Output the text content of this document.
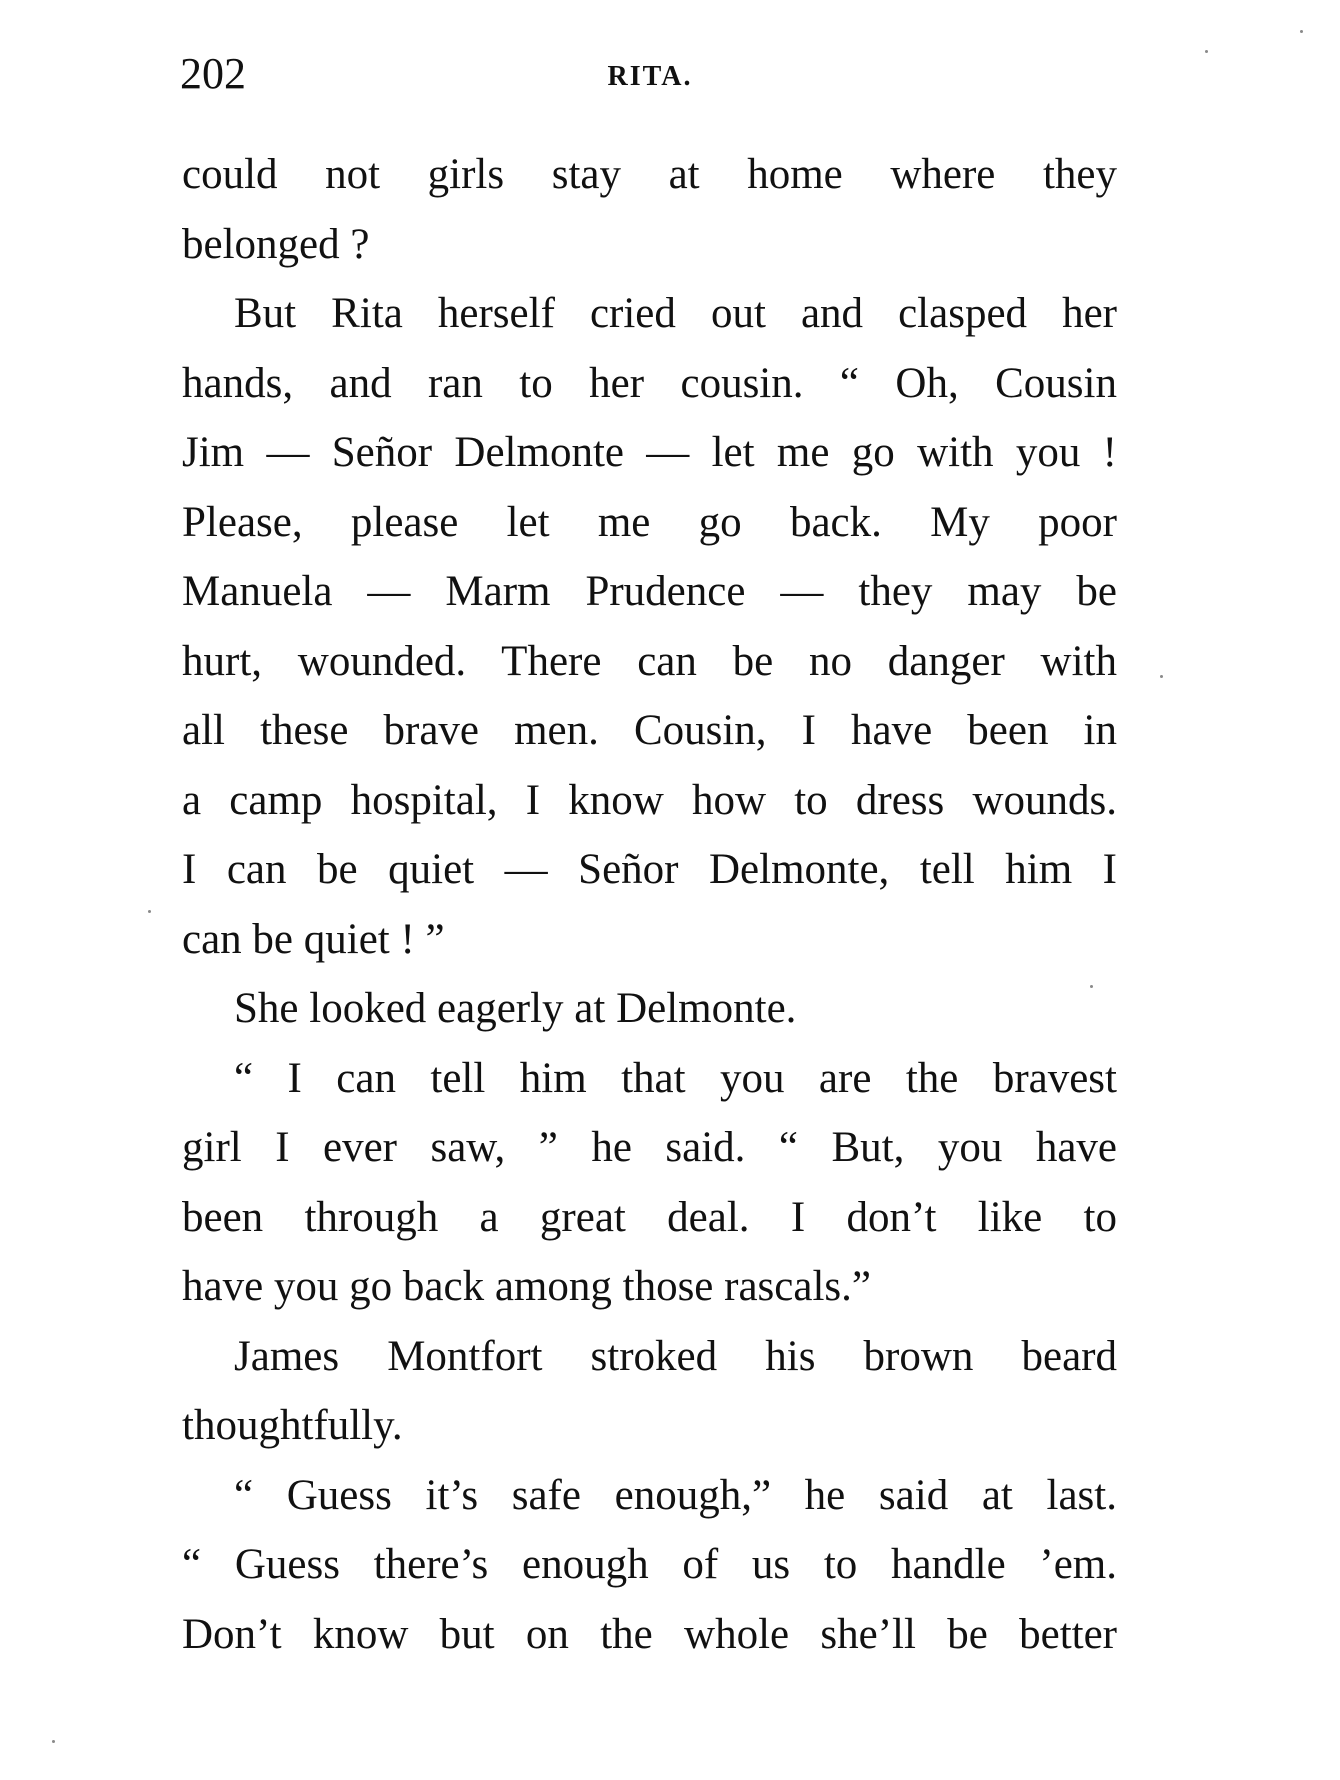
202	RITA.
could not girls stay at home where they
belonged ?
But Rita herself cried out and clasped her
hands, and ran to her cousin. “ Oh, Cousin
Jim — Señor Delmonte — let me go with you !
Please, please let me go back. My poor
Manuela — Marm Prudence — they may be
hurt, wounded. There can be no danger with
all these brave men. Cousin, I have been in
a camp hospital, I know how to dress wounds.
I can be quiet — Señor Delmonte, tell him I
can be quiet ! ”
She looked eagerly at Delmonte.
“ I can tell him that you are the bravest
girl I ever saw, ” he said. “ But, you have
been through a great deal. I don’t like to
have you go back among those rascals.”
James Montfort stroked his brown beard
thoughtfully.
“ Guess it’s safe enough,” he said at last.
“ Guess there’s enough of us to handle ’em.
Don’t know but on the whole she’ll be better
